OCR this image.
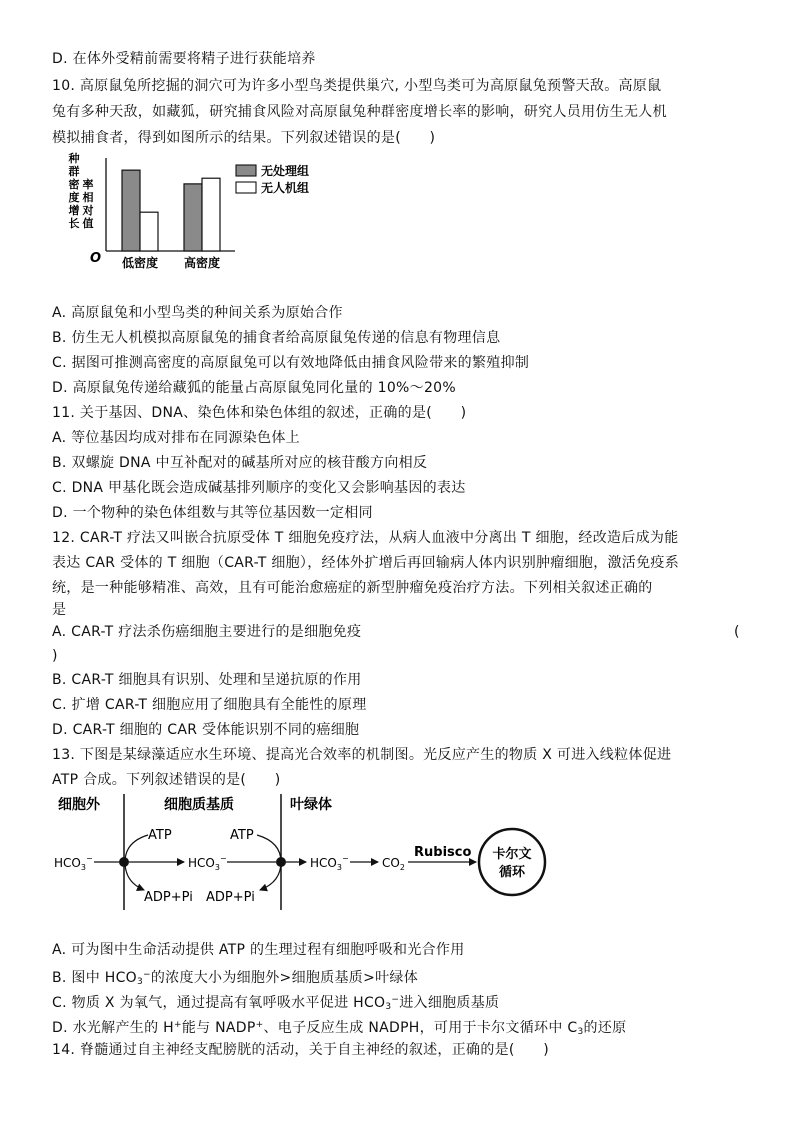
D. 在体外受精前需要将精子进行获能培养
10. 高原鼠兔所挖掘的洞穴可为许多小型鸟类提供巢穴, 小型鸟类可为高原鼠兔预警天敌。高原鼠
兔有多种天敌，如藏狐，研究捕食风险对高原鼠兔种群密度增长率的影响，研究人员用仿生无人机
模拟捕食者，得到如图所示的结果。下列叙述错误的是(　　)
种
群
密
度
增
长
率
相
对
值
O 低密度 高密度
无处理组
无人机组
A. 高原鼠兔和小型鸟类的种间关系为原始合作
B. 仿生无人机模拟高原鼠兔的捕食者给高原鼠兔传递的信息有物理信息
C. 据图可推测高密度的高原鼠兔可以有效地降低由捕食风险带来的繁殖抑制
D. 高原鼠兔传递给藏狐的能量占高原鼠兔同化量的 10%～20%
11. 关于基因、DNA、染色体和染色体组的叙述，正确的是(　　)
A. 等位基因均成对排布在同源染色体上
B. 双螺旋 DNA 中互补配对的碱基所对应的核苷酸方向相反
C. DNA 甲基化既会造成碱基排列顺序的变化又会影响基因的表达
D. 一个物种的染色体组数与其等位基因数一定相同
12. CAR-T 疗法又叫嵌合抗原受体 T 细胞免疫疗法，从病人血液中分离出 T 细胞，经改造后成为能
表达 CAR 受体的 T 细胞（CAR-T 细胞），经体外扩增后再回输病人体内识别肿瘤细胞，激活免疫系
统，是一种能够精准、高效，且有可能治愈癌症的新型肿瘤免疫治疗方法。下列相关叙述正确的
是
A. CAR-T 疗法杀伤癌细胞主要进行的是细胞免疫	(
)
B. CAR-T 细胞具有识别、处理和呈递抗原的作用
C. 扩增 CAR-T 细胞应用了细胞具有全能性的原理
D. CAR-T 细胞的 CAR 受体能识别不同的癌细胞
13. 下图是某绿藻适应水生环境、提高光合效率的机制图。光反应产生的物质 X 可进入线粒体促进
ATP 合成。下列叙述错误的是(　　)
细胞外	细胞质基质	叶绿体
$HCO_3^-$	$HCO_3^-$	$HCO_3^-$	$CO_2$
Rubisco 卡尔文
循环
ATP
ADP+Pi
ATP
ADP+Pi
A. 可为图中生命活动提供 ATP 的生理过程有细胞呼吸和光合作用
B. 图中 $HCO_3^-$的浓度大小为细胞外>细胞质基质>叶绿体
C. 物质 X 为氧气，通过提高有氧呼吸水平促进 $HCO_3^-$进入细胞质基质
D. 水光解产生的 H+能与 NADP+、电子反应生成 NADPH，可用于卡尔文循环中 $C_3$的还原
14. 脊髓通过自主神经支配膀胱的活动，关于自主神经的叙述，正确的是(　　)
